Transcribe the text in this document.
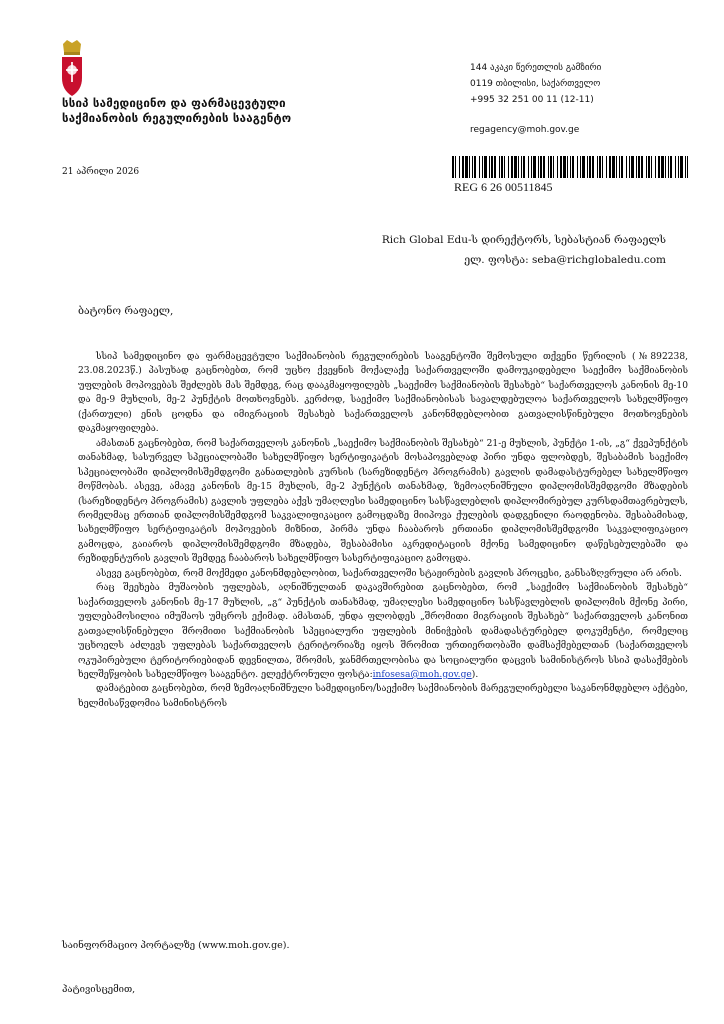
სსიპ სამედიცინო და ფარმაცევტული
საქმიანობის რეგულირების სააგენტო
144 აკაკი წერეთლის გამზირი
0119 თბილისი, საქართველო
+995 32 251 00 11 (12-11)
regagency@moh.gov.ge
21 აპრილი 2026
REG 6 26 00511845
Rich Global Edu-ს დირექტორს, სებასტიან რაფაელს
ელ. ფოსტა: seba@richglobaledu.com
ბატონო რაფაელ,

სსიპ სამედიცინო და ფარმაცევტული საქმიანობის რეგულირების სააგენტოში შემოსული თქვენი წერილის (№892238, 23.08.2023წ.) პასუხად გაცნობებთ, რომ უცხო ქვეყნის მოქალაქე საქართველოში დამოუკიდებელი საექიმო საქმიანობის უფლების მოპოვებას შეძლებს მას შემდეგ, რაც დააკმაყოფილებს „საექიმო საქმიანობის შესახებ“ საქართველოს კანონის მე-10 და მე-9 მუხლის, მე-2 პუნქტის მოთხოვნებს. კერძოდ, საექიმო საქმიანობისას სავალდებულოა საქართველოს სახელმწიფო (ქართული) ენის ცოდნა და იმიგრაციის შესახებ საქართველოს კანონმდებლობით გათვალისწინებული მოთხოვნების დაკმაყოფილება.

ამასთან გაცნობებთ, რომ საქართველოს კანონის „საექიმო საქმიანობის შესახებ“ 21-ე მუხლის, პუნქტი 1-ის, „გ“ ქვეპუნქტის თანახმად, სასურველ სპეციალობაში სახელმწიფო სერტიფიკატის მოსაპოვებლად პირი უნდა ფლობდეს, შესაბამის საექიმო სპეციალობაში დიპლომისშემდგომი განათლების კურსის (სარეზიდენტო პროგრამის) გავლის დამადასტურებელ სახელმწიფო მოწმობას. ასევე, ამავე კანონის მე-15 მუხლის, მე-2 პუნქტის თანახმად, ზემოაღნიშნული დიპლომისშემდგომი მზადების (სარეზიდენტო პროგრამის) გავლის უფლება აქვს უმაღლესი სამედიცინო სასწავლებლის დიპლომირებულ კურსდამთავრებულს, რომელმაც ერთიან დიპლომისშემდგომ საკვალიფიკაციო გამოცდაზე მიიპოვა ქულების დადგენილი რაოდენობა. შესაბამისად, სახელმწიფო სერტიფიკატის მოპოვების მიზნით, პირმა უნდა ჩააბაროს ერთიანი დიპლომისშემდგომი საკვალიფიკაციო გამოცდა, გაიაროს დიპლომისშემდგომი მზადება, შესაბამისი აკრედიტაციის მქონე სამედიცინო დაწესებულებაში და რეზიდენტურის გავლის შემდეგ ჩააბაროს სახელმწიფო სასერტიფიკაციო გამოცდა.

ასევე გაცნობებთ, რომ მოქმედი კანონმდებლობით, საქართველოში სტაჟირების გავლის პროცესი, განსაზღვრული არ არის.

რაც შეეხება მუშაობის უფლებას, აღნიშნულთან დაკავშირებით გაცნობებთ, რომ „საექიმო საქმიანობის შესახებ“ საქართველოს კანონის მე-17 მუხლის, „გ“ პუნქტის თანახმად, უმაღლესი სამედიცინო სასწავლებლის დიპლომის მქონე პირი, უფლებამოსილია იმუშაოს უმცროს ექიმად. ამასთან, უნდა ფლობდეს „შრომითი მიგრაციის შესახებ“ საქართველოს კანონით გათვალისწინებული შრომითი საქმიანობის სპეციალური უფლების მინიჭების დამადასტურებელ დოკუმენტი, რომელიც უცხოელს აძლევს უფლებას საქართველოს ტერიტორიაზე იყოს შრომით ურთიერთობაში დამსაქმებელთან (საქართველოს ოკუპირებული ტერიტორიებიდან დევნილთა, შრომის, ჯანმრთელობისა და სოციალური დაცვის სამინისტროს სსიპ დასაქმების ხელშეწყობის სახელმწიფო სააგენტო. ელექტრონული ფოსტა:infosesa@moh.gov.ge).

დამატებით გაცნობებთ, რომ ზემოაღნიშნული სამედიცინო/საექიმო საქმიანობის მარეგულირებელი საკანონმდებლო აქტები, ხელმისაწვდომია სამინისტროს

საინფორმაციო პორტალზე (www.moh.gov.ge).
პატივისცემით,
